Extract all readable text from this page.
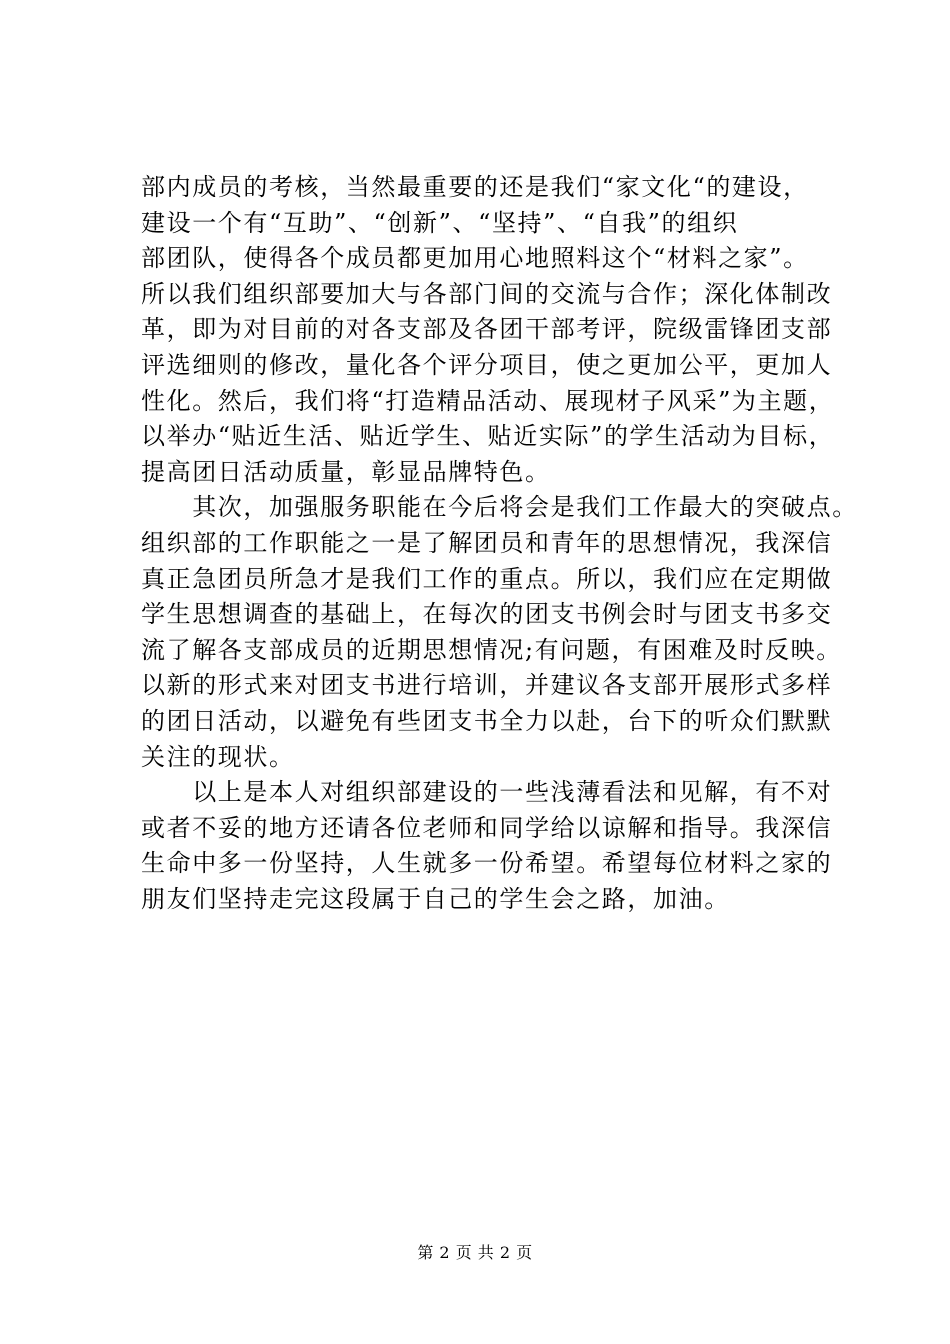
部内成员的考核，当然最重要的还是我们“家文化“的建设，
建设一个有“互助”、“创新”、“坚持”、“自我”的组织
部团队，使得各个成员都更加用心地照料这个“材料之家”。
所以我们组织部要加大与各部门间的交流与合作；深化体制改
革，即为对目前的对各支部及各团干部考评，院级雷锋团支部
评选细则的修改，量化各个评分项目，使之更加公平，更加人
性化。然后，我们将“打造精品活动、展现材子风采”为主题，
以举办“贴近生活、贴近学生、贴近实际”的学生活动为目标，
提高团日活动质量，彰显品牌特色。
　　其次，加强服务职能在今后将会是我们工作最大的突破点。
组织部的工作职能之一是了解团员和青年的思想情况，我深信
真正急团员所急才是我们工作的重点。所以，我们应在定期做
学生思想调查的基础上，在每次的团支书例会时与团支书多交
流了解各支部成员的近期思想情况;有问题，有困难及时反映。
以新的形式来对团支书进行培训，并建议各支部开展形式多样
的团日活动，以避免有些团支书全力以赴，台下的听众们默默
关注的现状。
　　以上是本人对组织部建设的一些浅薄看法和见解，有不对
或者不妥的地方还请各位老师和同学给以谅解和指导。我深信
生命中多一份坚持，人生就多一份希望。希望每位材料之家的
朋友们坚持走完这段属于自己的学生会之路，加油。
第 2 页 共 2 页
